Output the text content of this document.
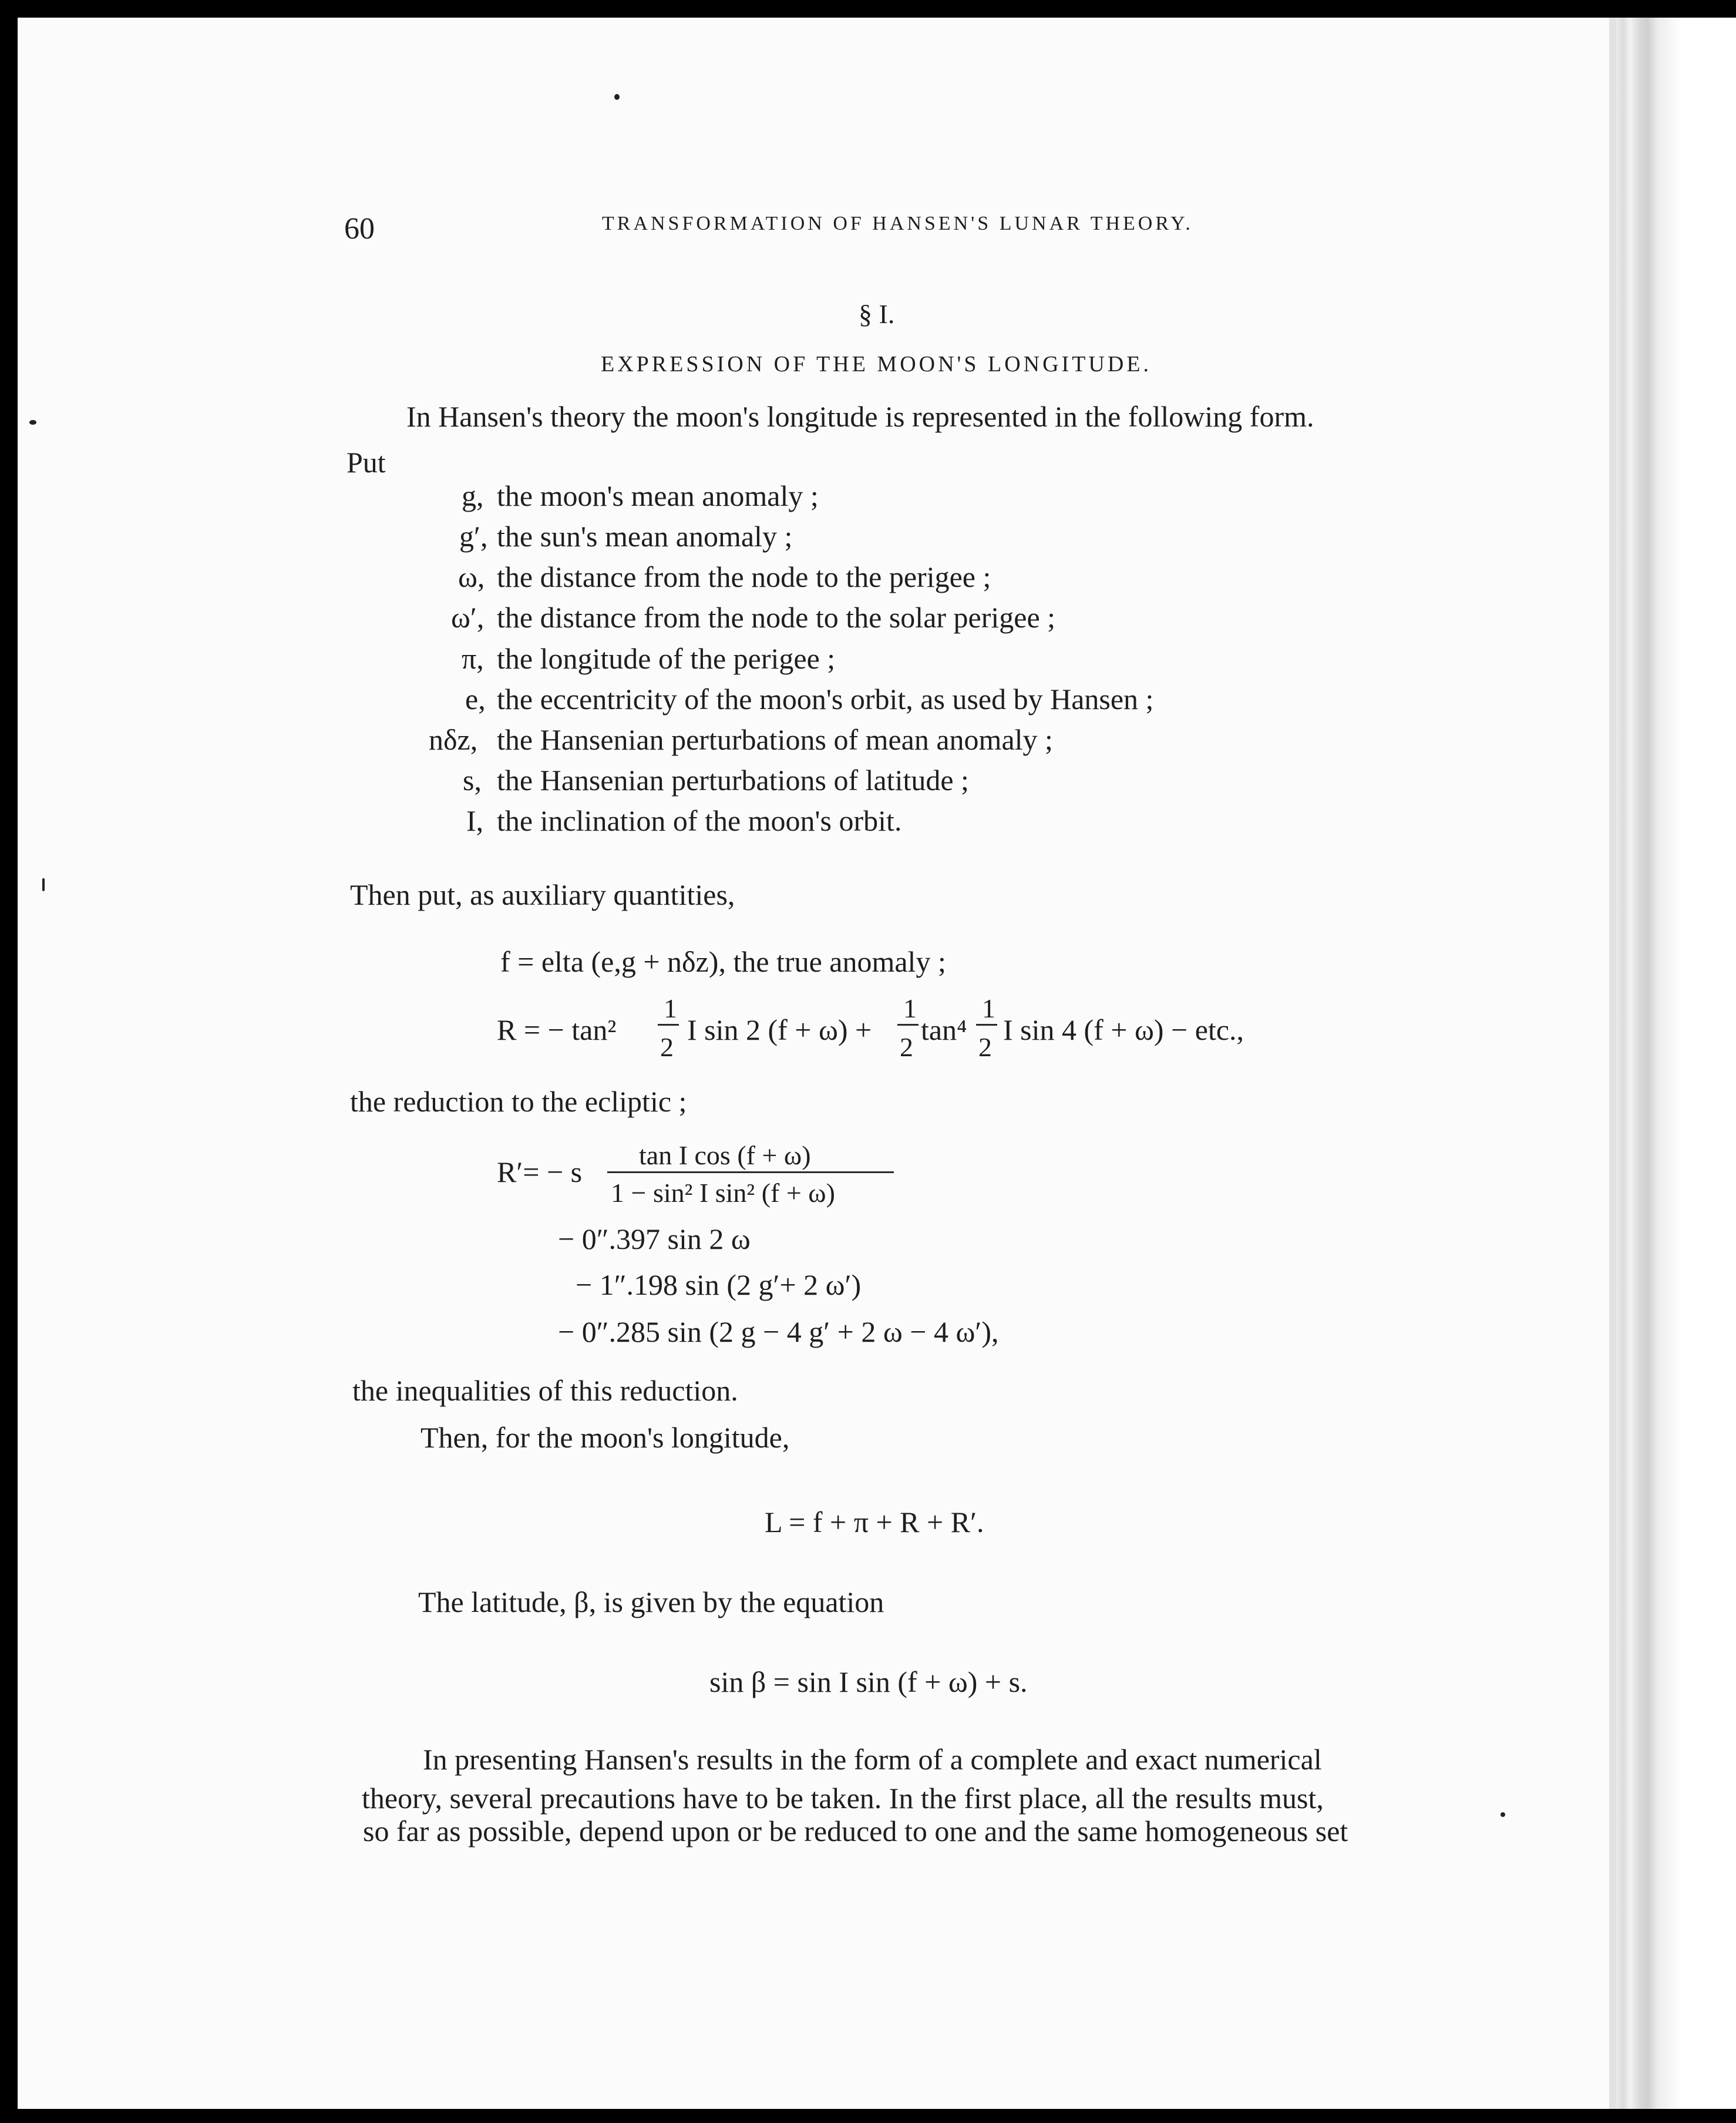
60	TRANSFORMATION OF HANSEN'S LUNAR THEORY.
§ I.
EXPRESSION OF THE MOON'S LONGITUDE.
In Hansen's theory the moon's longitude is represented in the following form.
Put
g, the moon's mean anomaly ;
g′, the sun's mean anomaly ;
ω, the distance from the node to the perigee ;
ω′, the distance from the node to the solar perigee ;
π, the longitude of the perigee ;
e, the eccentricity of the moon's orbit, as used by Hansen ;
nδz, the Hansenian perturbations of mean anomaly ;
s, the Hansenian perturbations of latitude ;
I, the inclination of the moon's orbit.
Then put, as auxiliary quantities,
f = elta (e,g + nδz), the true anomaly ;
R = − tan²
1
2
I sin 2 (f + ω) +
1
2
tan⁴
1
2
I sin 4 (f + ω) − etc.,
the reduction to the ecliptic ;
R′= − s
tan I cos (f + ω)
1 − sin² I sin² (f + ω)
− 0″.397 sin 2 ω
− 1″.198 sin (2 g′+ 2 ω′)
− 0″.285 sin (2 g − 4 g′ + 2 ω − 4 ω′),
the inequalities of this reduction.
Then, for the moon's longitude,
L = f + π + R + R′.
The latitude, β, is given by the equation
sin β = sin I sin (f + ω) + s.
In presenting Hansen's results in the form of a complete and exact numerical
theory, several precautions have to be taken. In the first place, all the results must,
so far as possible, depend upon or be reduced to one and the same homogeneous set
